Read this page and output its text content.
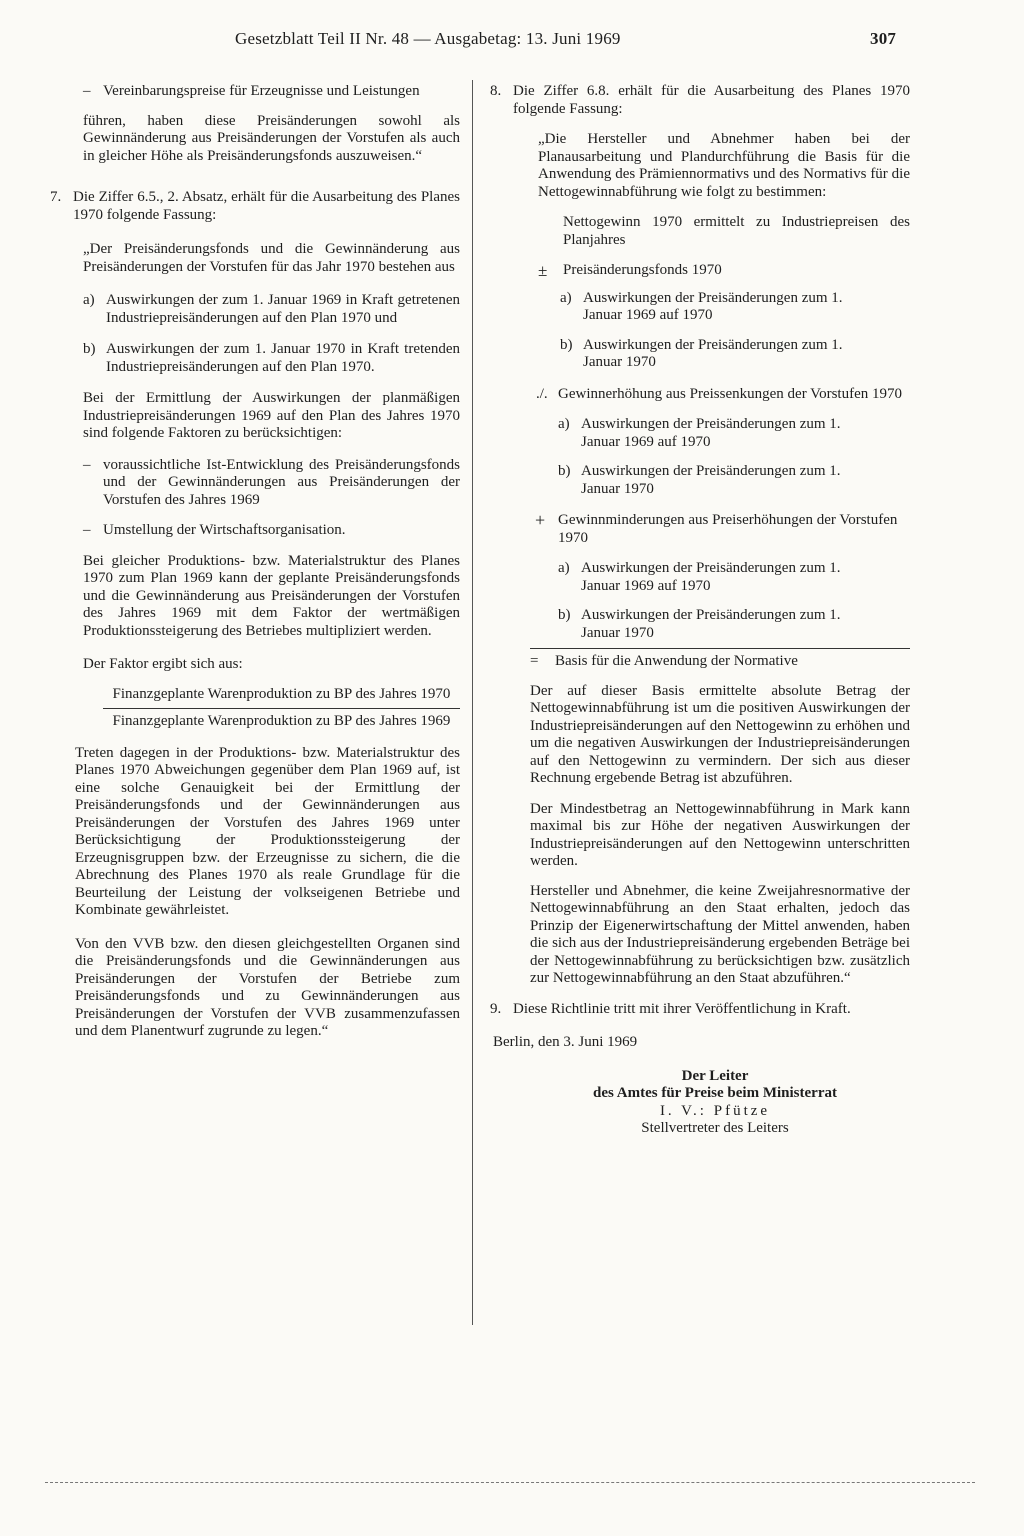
Gesetzblatt Teil II Nr. 48 — Ausgabetag: 13. Juni 1969	307
– Vereinbarungspreise für Erzeugnisse und Leistungen

führen, haben diese Preisänderungen sowohl als Gewinnänderung aus Preisänderungen der Vorstufen als auch in gleicher Höhe als Preisänderungsfonds auszuweisen.“

7. Die Ziffer 6.5., 2. Absatz, erhält für die Ausarbeitung des Planes 1970 folgende Fassung:

„Der Preisänderungsfonds und die Gewinnänderung aus Preisänderungen der Vorstufen für das Jahr 1970 bestehen aus

a) Auswirkungen der zum 1. Januar 1969 in Kraft getretenen Industriepreisänderungen auf den Plan 1970 und
b) Auswirkungen der zum 1. Januar 1970 in Kraft tretenden Industriepreisänderungen auf den Plan 1970.

Bei der Ermittlung der Auswirkungen der planmäßigen Industriepreisänderungen 1969 auf den Plan des Jahres 1970 sind folgende Faktoren zu berücksichtigen:

– voraussichtliche Ist-Entwicklung des Preisänderungsfonds und der Gewinnänderungen aus Preisänderungen der Vorstufen des Jahres 1969
– Umstellung der Wirtschaftsorganisation.

Bei gleicher Produktions- bzw. Materialstruktur des Planes 1970 zum Plan 1969 kann der geplante Preisänderungsfonds und die Gewinnänderung aus Preisänderungen der Vorstufen des Jahres 1969 mit dem Faktor der wertmäßigen Produktionssteigerung des Betriebes multipliziert werden.

Der Faktor ergibt sich aus:

Finanzgeplante Warenproduktion zu BP des Jahres 1970
Finanzgeplante Warenproduktion zu BP des Jahres 1969

Treten dagegen in der Produktions- bzw. Materialstruktur des Planes 1970 Abweichungen gegenüber dem Plan 1969 auf, ist eine solche Genauigkeit bei der Ermittlung der Preisänderungsfonds und der Gewinnänderungen aus Preisänderungen der Vorstufen des Jahres 1969 unter Berücksichtigung der Produktionssteigerung der Erzeugnisgruppen bzw. der Erzeugnisse zu sichern, die die Abrechnung des Planes 1970 als reale Grundlage für die Beurteilung der Leistung der volkseigenen Betriebe und Kombinate gewährleistet.

Von den VVB bzw. den diesen gleichgestellten Organen sind die Preisänderungsfonds und die Gewinnänderungen aus Preisänderungen der Vorstufen der Betriebe zum Preisänderungsfonds und zu Gewinnänderungen aus Preisänderungen der Vorstufen der VVB zusammenzufassen und dem Planentwurf zugrunde zu legen.“

8. Die Ziffer 6.8. erhält für die Ausarbeitung des Planes 1970 folgende Fassung:

„Die Hersteller und Abnehmer haben bei der Planausarbeitung und Plandurchführung die Basis für die Anwendung des Prämiennormativs und des Normativs für die Nettogewinnabführung wie folgt zu bestimmen:

Nettogewinn 1970 ermittelt zu Industriepreisen des Planjahres

± Preisänderungsfonds 1970
a) Auswirkungen der Preisänderungen zum 1. Januar 1969 auf 1970
b) Auswirkungen der Preisänderungen zum 1. Januar 1970
./. Gewinnerhöhung aus Preissenkungen der Vorstufen 1970
a) Auswirkungen der Preisänderungen zum 1. Januar 1969 auf 1970
b) Auswirkungen der Preisänderungen zum 1. Januar 1970
+ Gewinnminderungen aus Preiserhöhungen der Vorstufen 1970
a) Auswirkungen der Preisänderungen zum 1. Januar 1969 auf 1970
b) Auswirkungen der Preisänderungen zum 1. Januar 1970
= Basis für die Anwendung der Normative

Der auf dieser Basis ermittelte absolute Betrag der Nettogewinnabführung ist um die positiven Auswirkungen der Industriepreisänderungen auf den Nettogewinn zu erhöhen und um die negativen Auswirkungen der Industriepreisänderungen auf den Nettogewinn zu vermindern. Der sich aus dieser Rechnung ergebende Betrag ist abzuführen.

Der Mindestbetrag an Nettogewinnabführung in Mark kann maximal bis zur Höhe der negativen Auswirkungen der Industriepreisänderungen auf den Nettogewinn unterschritten werden.

Hersteller und Abnehmer, die keine Zweijahresnormative der Nettogewinnabführung an den Staat erhalten, jedoch das Prinzip der Eigenerwirtschaftung der Mittel anwenden, haben die sich aus der Industriepreisänderung ergebenden Beträge bei der Nettogewinnabführung zu berücksichtigen bzw. zusätzlich zur Nettogewinnabführung an den Staat abzuführen.“

9. Diese Richtlinie tritt mit ihrer Veröffentlichung in Kraft.

Berlin, den 3. Juni 1969

Der Leiter
des Amtes für Preise beim Ministerrat
I. V.: Pfütze
Stellvertreter des Leiters
